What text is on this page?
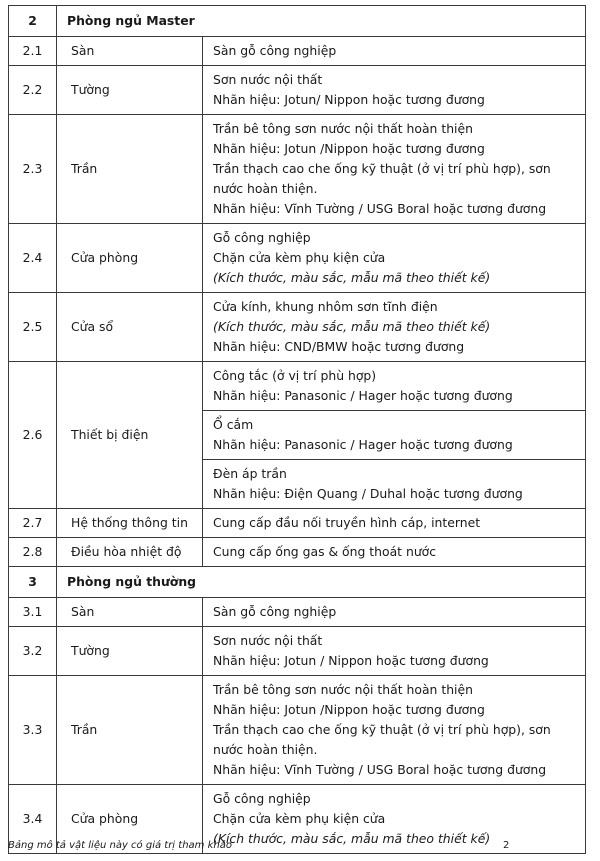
2	Phòng ngủ Master	
2.1	Sàn	Sàn gỗ công nghiệp

2.2	Tường	Sơn nước nội thất
Nhãn hiệu: Jotun/ Nippon hoặc tương đương

2.3	Trần	Trần bê tông sơn nước nội thất hoàn thiện
Nhãn hiệu: Jotun /Nippon hoặc tương đương
Trần thạch cao che ống kỹ thuật (ở vị trí phù hợp), sơn nước hoàn thiện.
Nhãn hiệu: Vĩnh Tường / USG Boral hoặc tương đương

2.4	Cửa phòng	Gỗ công nghiệp
Chặn cửa kèm phụ kiện cửa
(Kích thước, màu sắc, mẫu mã theo thiết kế)

2.5	Cửa sổ	Cửa kính, khung nhôm sơn tĩnh điện
(Kích thước, màu sắc, mẫu mã theo thiết kế)
Nhãn hiệu: CND/BMW hoặc tương đương

2.6	Thiết bị điện	Công tắc (ở vị trí phù hợp)
Nhãn hiệu: Panasonic / Hager hoặc tương đương

		Ổ cắm
Nhãn hiệu: Panasonic / Hager hoặc tương đương

		Đèn áp trần
Nhãn hiệu: Điện Quang / Duhal hoặc tương đương

2.7	Hệ thống thông tin	Cung cấp đầu nối truyền hình cáp, internet

2.8	Điều hòa nhiệt độ	Cung cấp ống gas & ống thoát nước

3	Phòng ngủ thường	
3.1	Sàn	Sàn gỗ công nghiệp

3.2	Tường	Sơn nước nội thất
Nhãn hiệu: Jotun / Nippon hoặc tương đương

3.3	Trần	Trần bê tông sơn nước nội thất hoàn thiện
Nhãn hiệu: Jotun /Nippon hoặc tương đương
Trần thạch cao che ống kỹ thuật (ở vị trí phù hợp), sơn nước hoàn thiện.
Nhãn hiệu: Vĩnh Tường / USG Boral hoặc tương đương

3.4	Cửa phòng	Gỗ công nghiệp
Chặn cửa kèm phụ kiện cửa
(Kích thước, màu sắc, mẫu mã theo thiết kế)
Bảng mô tả vật liệu này có giá trị tham khảo	2
